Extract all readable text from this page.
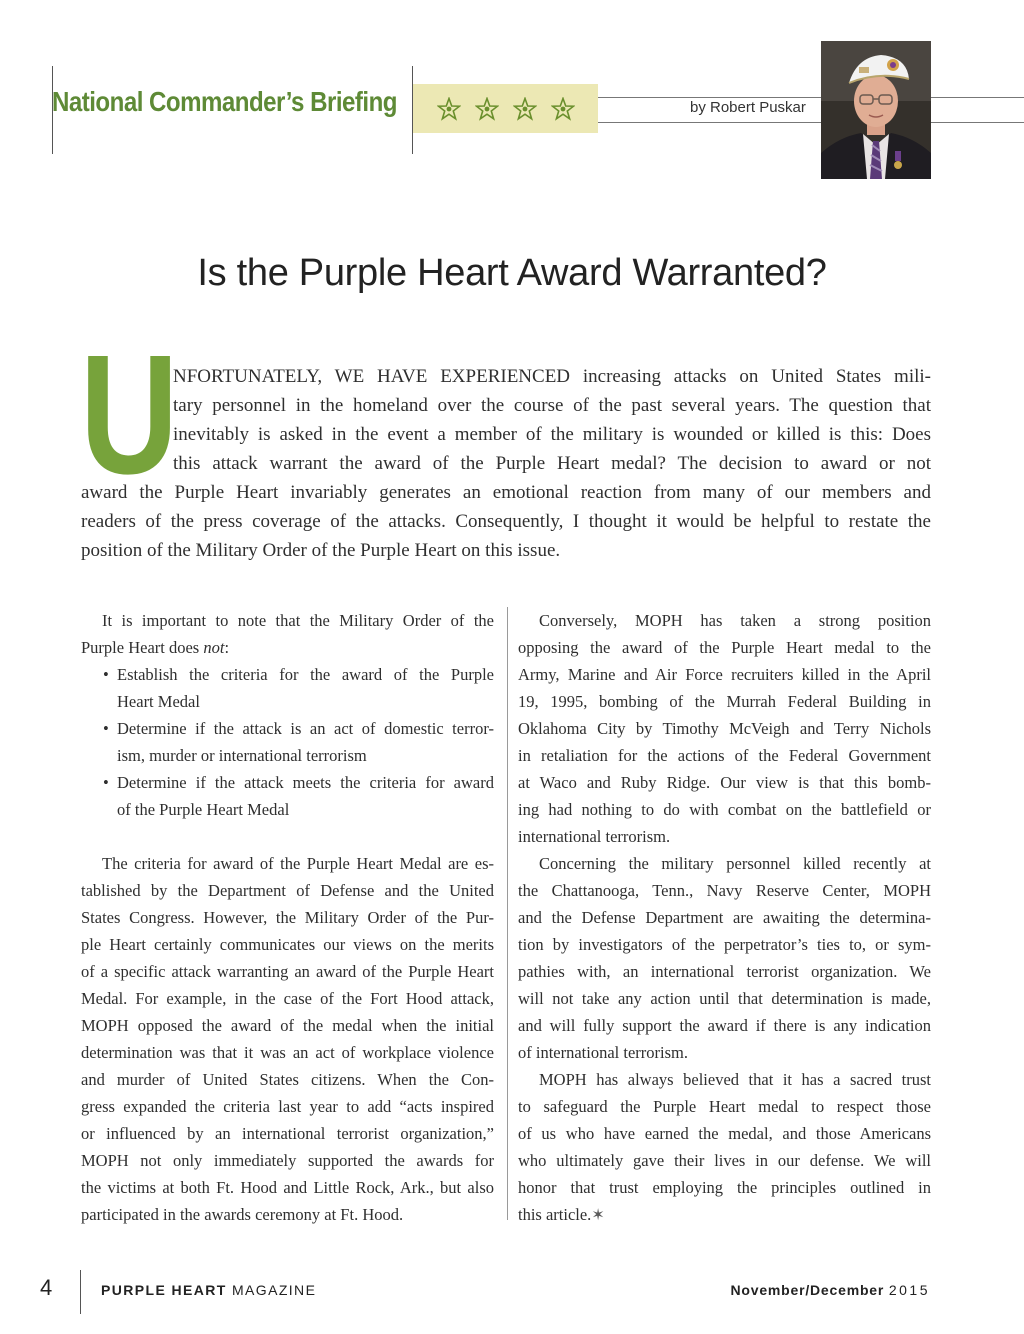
National Commander’s Briefing	by Robert Puskar
Is the Purple Heart Award Warranted?
U
NFORTUNATELY, WE HAVE EXPERIENCED increasing attacks on United States mili-
tary personnel in the homeland over the course of the past several years. The question that
inevitably is asked in the event a member of the military is wounded or killed is this: Does
this attack warrant the award of the Purple Heart medal? The decision to award or not
award the Purple Heart invariably generates an emotional reaction from many of our members and
readers of the press coverage of the attacks. Consequently, I thought it would be helpful to restate the
position of the Military Order of the Purple Heart on this issue.
It is important to note that the Military Order of the
Purple Heart does not:
• Establish the criteria for the award of the Purple
Heart Medal
• Determine if the attack is an act of domestic terror-
ism, murder or international terrorism
• Determine if the attack meets the criteria for award
of the Purple Heart Medal
The criteria for award of the Purple Heart Medal are es-
tablished by the Department of Defense and the United
States Congress. However, the Military Order of the Pur-
ple Heart certainly communicates our views on the merits
of a specific attack warranting an award of the Purple Heart
Medal. For example, in the case of the Fort Hood attack,
MOPH opposed the award of the medal when the initial
determination was that it was an act of workplace violence
and murder of United States citizens. When the Con-
gress expanded the criteria last year to add “acts inspired
or influenced by an international terrorist organization,”
MOPH not only immediately supported the awards for
the victims at both Ft. Hood and Little Rock, Ark., but also
participated in the awards ceremony at Ft. Hood.
Conversely, MOPH has taken a strong position
opposing the award of the Purple Heart medal to the
Army, Marine and Air Force recruiters killed in the April
19, 1995, bombing of the Murrah Federal Building in
Oklahoma City by Timothy McVeigh and Terry Nichols
in retaliation for the actions of the Federal Government
at Waco and Ruby Ridge. Our view is that this bomb-
ing had nothing to do with combat on the battlefield or
international terrorism.
Concerning the military personnel killed recently at
the Chattanooga, Tenn., Navy Reserve Center, MOPH
and the Defense Department are awaiting the determina-
tion by investigators of the perpetrator’s ties to, or sym-
pathies with, an international terrorist organization. We
will not take any action until that determination is made,
and will fully support the award if there is any indication
of international terrorism.
MOPH has always believed that it has a sacred trust
to safeguard the Purple Heart medal to respect those
of us who have earned the medal, and those Americans
who ultimately gave their lives in our defense. We will
honor that trust employing the principles outlined in
this article.✶
4	PURPLE HEART MAGAZINE	November/December 2015
